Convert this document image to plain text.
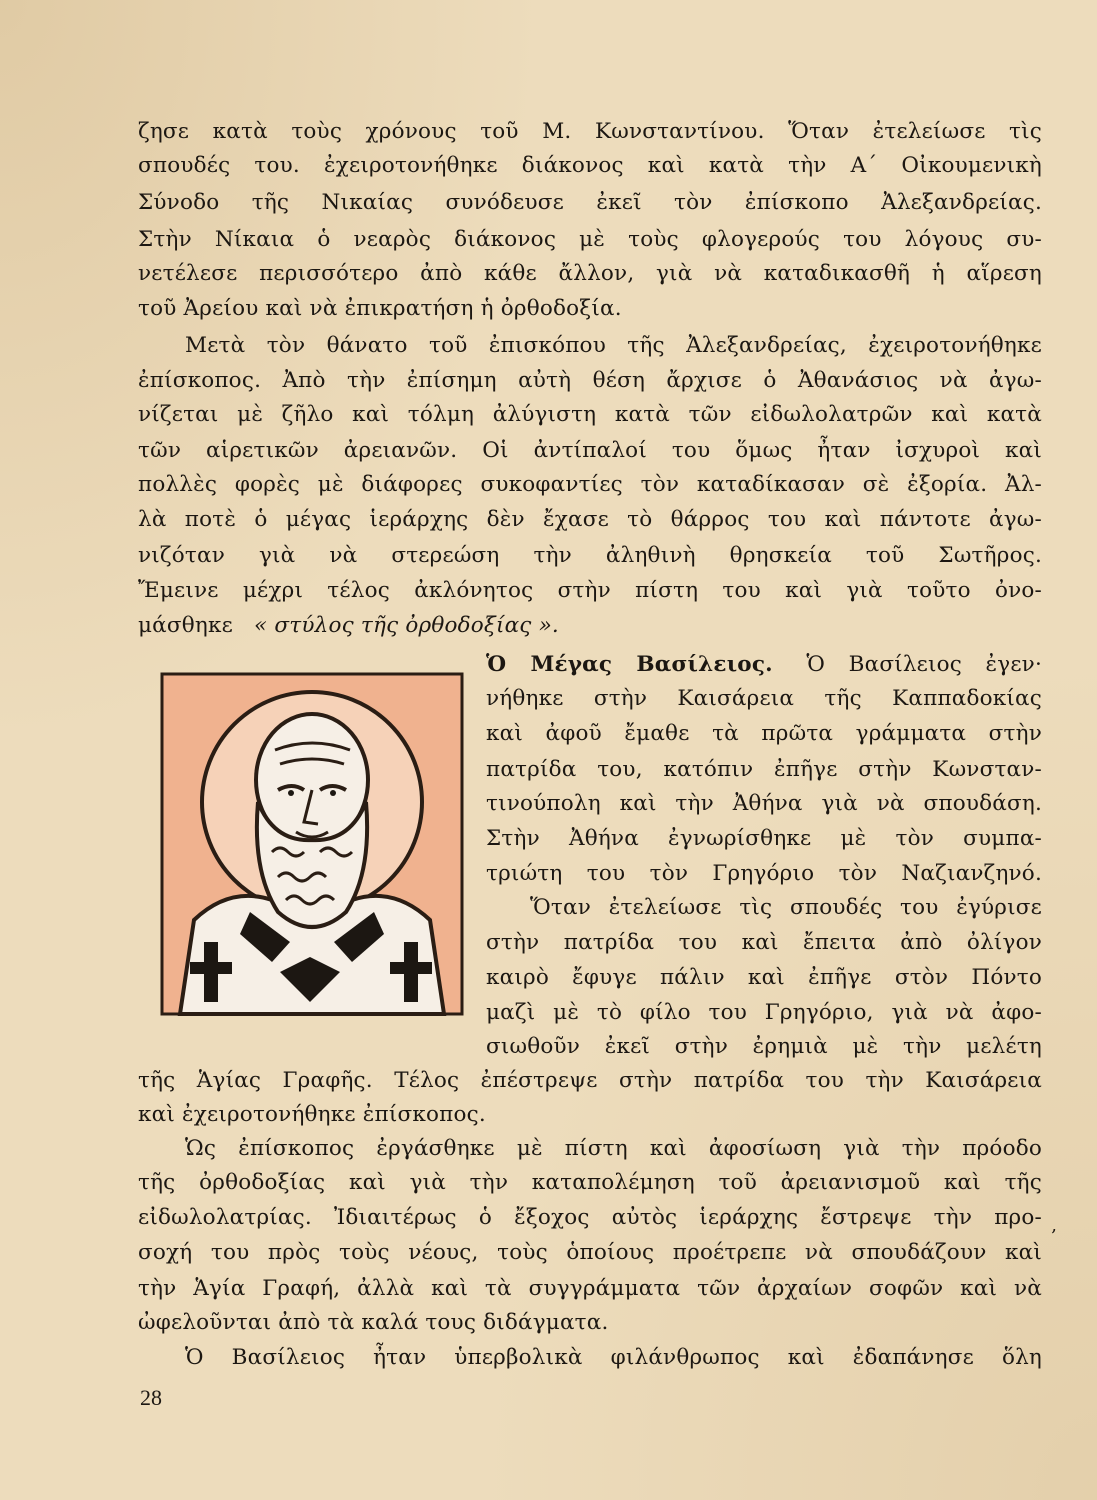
ζησε κατὰ τοὺς χρόνους τοῦ Μ. Κωνσταντίνου. Ὅταν ἐτελείωσε τὶς
σπουδές του. ἐχειροτονήθηκε διάκονος καὶ κατὰ τὴν Α΄ Οἰκουμενικὴ
Σύνοδο τῆς Νικαίας συνόδευσε ἐκεῖ τὸν ἐπίσκοπο Ἀλεξανδρείας.
Στὴν Νίκαια ὁ νεαρὸς διάκονος μὲ τοὺς φλογερούς του λόγους συ-
νετέλεσε περισσότερο ἀπὸ κάθε ἄλλον, γιὰ νὰ καταδικασθῆ ἡ αἵρεση
τοῦ Ἀρείου καὶ νὰ ἐπικρατήση ἡ ὀρθοδοξία.
Μετὰ τὸν θάνατο τοῦ ἐπισκόπου τῆς Ἀλεξανδρείας, ἐχειροτονήθηκε
ἐπίσκοπος. Ἀπὸ τὴν ἐπίσημη αὐτὴ θέση ἄρχισε ὁ Ἀθανάσιος νὰ ἀγω-
νίζεται μὲ ζῆλο καὶ τόλμη ἀλύγιστη κατὰ τῶν εἰδωλολατρῶν καὶ κατὰ
τῶν αἱρετικῶν ἀρειανῶν. Οἱ ἀντίπαλοί του ὅμως ἦταν ἰσχυροὶ καὶ
πολλὲς φορὲς μὲ διάφορες συκοφαντίες τὸν καταδίκασαν σὲ ἐξορία. Ἀλ-
λὰ ποτὲ ὁ μέγας ἱεράρχης δὲν ἔχασε τὸ θάρρος του καὶ πάντοτε ἀγω-
νιζόταν γιὰ νὰ στερεώση τὴν ἀληθινὴ θρησκεία τοῦ Σωτῆρος.
Ἔμεινε μέχρι τέλος ἀκλόνητος στὴν πίστη του καὶ γιὰ τοῦτο ὀνο-
μάσθηκε « στύλος τῆς ὀρθοδοξίας ».
Ὁ Μέγας Βασίλειος. Ὁ Βασίλειος ἐγεν·
νήθηκε στὴν Καισάρεια τῆς Καππαδοκίας
καὶ ἀφοῦ ἔμαθε τὰ πρῶτα γράμματα στὴν
πατρίδα του, κατόπιν ἐπῆγε στὴν Κωνσταν-
τινούπολη καὶ τὴν Ἀθήνα γιὰ νὰ σπουδάση.
Στὴν Ἀθήνα ἐγνωρίσθηκε μὲ τὸν συμπα-
τριώτη του τὸν Γρηγόριο τὸν Ναζιανζηνό.
Ὅταν ἐτελείωσε τὶς σπουδές του ἐγύρισε
στὴν πατρίδα του καὶ ἔπειτα ἀπὸ ὀλίγον
καιρὸ ἔφυγε πάλιν καὶ ἐπῆγε στὸν Πόντο
μαζὶ μὲ τὸ φίλο του Γρηγόριο, γιὰ νὰ ἀφο-
σιωθοῦν ἐκεῖ στὴν ἐρημιὰ μὲ τὴν μελέτη
τῆς Ἁγίας Γραφῆς. Τέλος ἐπέστρεψε στὴν πατρίδα του τὴν Καισάρεια
καὶ ἐχειροτονήθηκε ἐπίσκοπος.
Ὡς ἐπίσκοπος ἐργάσθηκε μὲ πίστη καὶ ἀφοσίωση γιὰ τὴν πρόοδο
τῆς ὀρθοδοξίας καὶ γιὰ τὴν καταπολέμηση τοῦ ἀρειανισμοῦ καὶ τῆς
εἰδωλολατρίας. Ἰδιαιτέρως ὁ ἔξοχος αὐτὸς ἱεράρχης ἔστρεψε τὴν προ-
σοχή του πρὸς τοὺς νέους, τοὺς ὁποίους προέτρεπε νὰ σπουδάζουν καὶ
τὴν Ἁγία Γραφή, ἀλλὰ καὶ τὰ συγγράμματα τῶν ἀρχαίων σοφῶν καὶ νὰ
ὠφελοῦνται ἀπὸ τὰ καλά τους διδάγματα.
Ὁ Βασίλειος ἦταν ὑπερβολικὰ φιλάνθρωπος καὶ ἐδαπάνησε ὅλη
,
28
